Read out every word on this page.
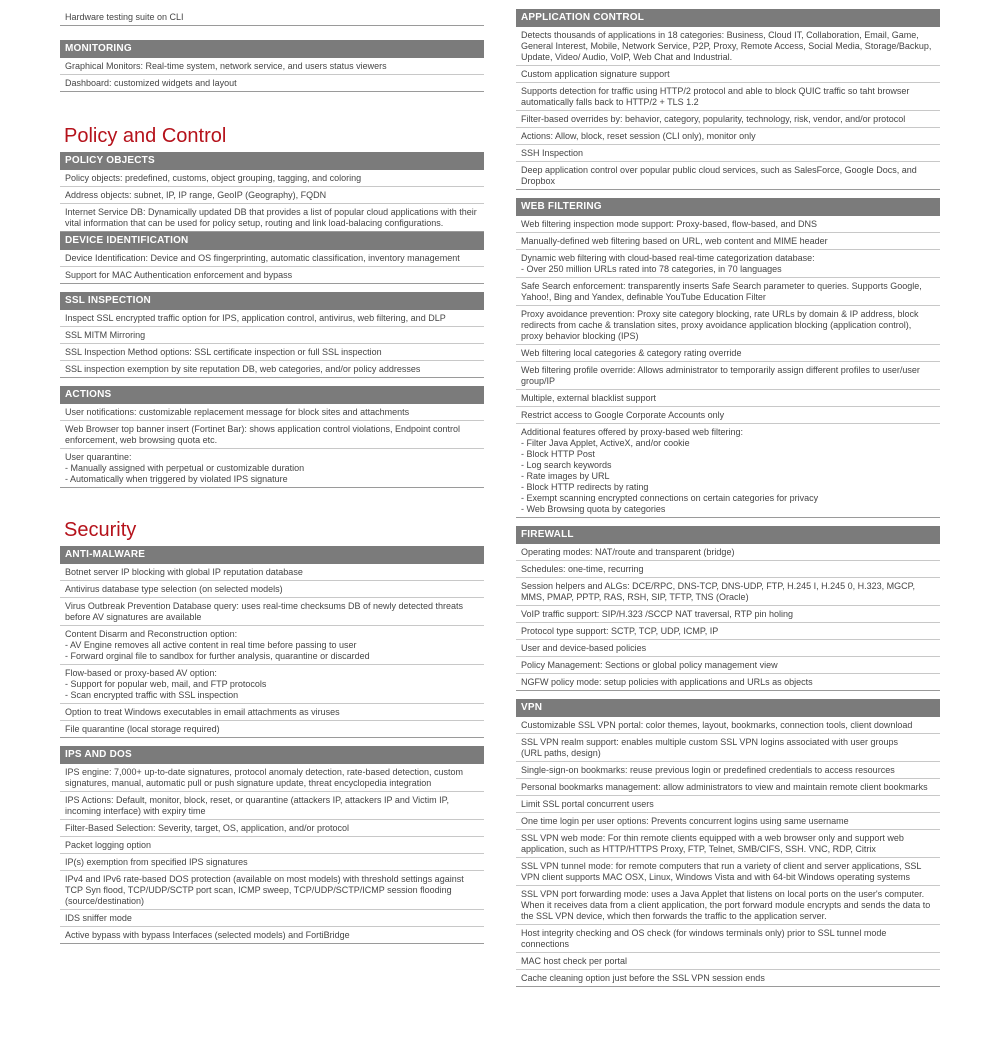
Hardware testing suite on CLI
MONITORING
Graphical Monitors: Real-time system, network service, and users status viewers
Dashboard: customized widgets and layout
Policy and Control
POLICY OBJECTS
Policy objects: predefined, customs, object grouping, tagging, and coloring
Address objects: subnet, IP, IP range, GeoIP (Geography), FQDN
Internet Service DB: Dynamically updated DB that provides a list of popular cloud applications with their vital information that can be used for policy setup, routing and link load-balacing configurations.
DEVICE IDENTIFICATION
Device Identification: Device and OS fingerprinting, automatic classification, inventory management
Support for MAC Authentication enforcement and bypass
SSL INSPECTION
Inspect SSL encrypted traffic option for IPS, application control, antivirus, web filtering, and DLP
SSL MITM Mirroring
SSL Inspection Method options: SSL certificate inspection or full SSL inspection
SSL inspection exemption by site reputation DB, web categories, and/or policy addresses
ACTIONS
User notifications: customizable replacement message for block sites and attachments
Web Browser top banner insert (Fortinet Bar): shows application control violations, Endpoint control enforcement, web browsing quota etc.
User quarantine:
- Manually assigned with perpetual or customizable duration
- Automatically when triggered by violated IPS signature
Security
ANTI-MALWARE
Botnet server IP blocking with global IP reputation database
Antivirus database type selection (on selected models)
Virus Outbreak Prevention Database query: uses real-time checksums DB of newly detected threats before AV signatures are available
Content Disarm and Reconstruction option:
- AV Engine removes all active content in real time before passing to user
- Forward orginal file to sandbox for further analysis, quarantine or discarded
Flow-based or proxy-based AV option:
- Support for popular web, mail, and FTP protocols
- Scan encrypted traffic with SSL inspection
Option to treat Windows executables in email attachments as viruses
File quarantine (local storage required)
IPS AND DOS
IPS engine: 7,000+ up-to-date signatures, protocol anomaly detection, rate-based detection, custom signatures, manual, automatic pull or push signature update, threat encyclopedia integration
IPS Actions: Default, monitor, block, reset, or quarantine (attackers IP, attackers IP and Victim IP, incoming interface) with expiry time
Filter-Based Selection: Severity, target, OS, application, and/or protocol
Packet logging option
IP(s) exemption from specified IPS signatures
IPv4 and IPv6 rate-based DOS protection (available on most models) with threshold settings against TCP Syn flood, TCP/UDP/SCTP port scan, ICMP sweep, TCP/UDP/SCTP/ICMP session flooding (source/destination)
IDS sniffer mode
Active bypass with bypass Interfaces (selected models) and FortiBridge
APPLICATION CONTROL
Detects thousands of applications in 18 categories: Business, Cloud IT, Collaboration, Email, Game, General Interest, Mobile, Network Service, P2P, Proxy, Remote Access, Social Media, Storage/Backup, Update, Video/ Audio, VoIP, Web Chat and Industrial.
Custom application signature support
Supports detection for traffic using HTTP/2 protocol and able to block QUIC traffic so taht browser automatically falls back to HTTP/2 + TLS 1.2
Filter-based overrides by: behavior, category, popularity, technology, risk, vendor, and/or protocol
Actions: Allow, block, reset session (CLI only), monitor only
SSH Inspection
Deep application control over popular public cloud services, such as SalesForce, Google Docs, and Dropbox
WEB FILTERING
Web filtering inspection mode support: Proxy-based, flow-based, and DNS
Manually-defined web filtering based on URL, web content and MIME header
Dynamic web filtering with cloud-based real-time categorization database:
- Over 250 million URLs rated into 78 categories, in 70 languages
Safe Search enforcement: transparently inserts Safe Search parameter to queries. Supports Google, Yahoo!, Bing and Yandex, definable YouTube Education Filter
Proxy avoidance prevention: Proxy site category blocking, rate URLs by domain & IP address, block redirects from cache & translation sites, proxy avoidance application blocking (application control), proxy behavior blocking (IPS)
Web filtering local categories & category rating override
Web filtering profile override: Allows administrator to temporarily assign different profiles to user/user group/IP
Multiple, external blacklist support
Restrict access to Google Corporate Accounts only
Additional features offered by proxy-based web filtering:
- Filter Java Applet, ActiveX, and/or cookie
- Block HTTP Post
- Log search keywords
- Rate images by URL
- Block HTTP redirects by rating
- Exempt scanning encrypted connections on certain categories for privacy
- Web Browsing quota by categories
FIREWALL
Operating modes: NAT/route and transparent (bridge)
Schedules: one-time, recurring
Session helpers and ALGs: DCE/RPC, DNS-TCP, DNS-UDP, FTP, H.245 I, H.245 0, H.323, MGCP, MMS, PMAP, PPTP, RAS, RSH, SIP, TFTP, TNS (Oracle)
VoIP traffic support: SIP/H.323 /SCCP NAT traversal, RTP pin holing
Protocol type support: SCTP, TCP, UDP, ICMP, IP
User and device-based policies
Policy Management: Sections or global policy management view
NGFW policy mode: setup policies with applications and URLs as objects
VPN
Customizable SSL VPN portal: color themes, layout, bookmarks, connection tools, client download
SSL VPN realm support: enables multiple custom SSL VPN logins associated with user groups
(URL paths, design)
Single-sign-on bookmarks: reuse previous login or predefined credentials to access resources
Personal bookmarks management: allow administrators to view and maintain remote client bookmarks
Limit SSL portal concurrent users
One time login per user options: Prevents concurrent logins using same username
SSL VPN web mode: For thin remote clients equipped with a web browser only and support web application, such as HTTP/HTTPS Proxy, FTP, Telnet, SMB/CIFS, SSH. VNC, RDP, Citrix
SSL VPN tunnel mode: for remote computers that run a variety of client and server applications, SSL VPN client supports MAC OSX, Linux, Windows Vista and with 64-bit Windows operating systems
SSL VPN port forwarding mode: uses a Java Applet that listens on local ports on the user's computer. When it receives data from a client application, the port forward module encrypts and sends the data to the SSL VPN device, which then forwards the traffic to the application server.
Host integrity checking and OS check (for windows terminals only) prior to SSL tunnel mode connections
MAC host check per portal
Cache cleaning option just before the SSL VPN session ends
